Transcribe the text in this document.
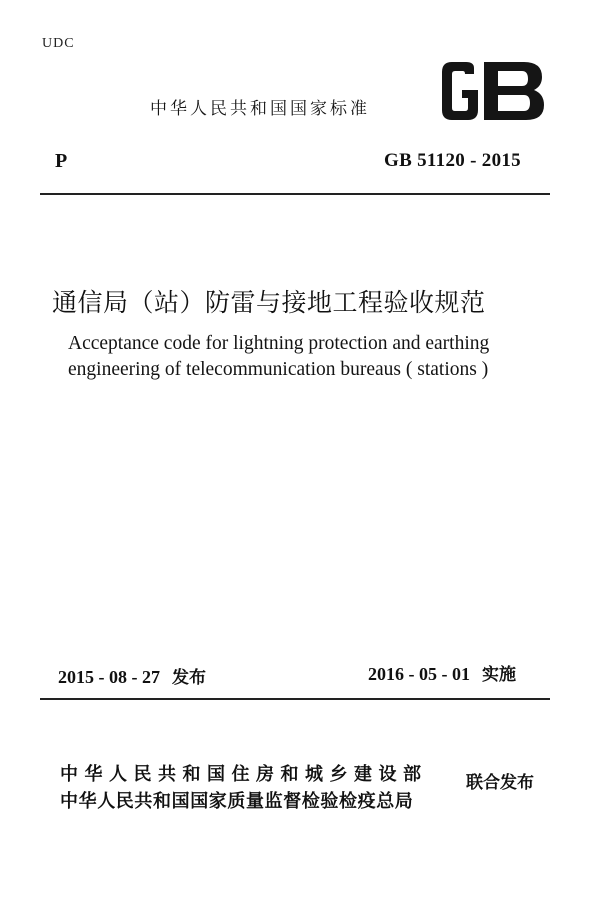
UDC
中华人民共和国国家标准
P	GB 51120 - 2015
通信局（站）防雷与接地工程验收规范
Acceptance code for lightning protection and earthing
engineering of telecommunication bureaus ( stations )
2015 - 08 - 27 发布	2016 - 05 - 01 实施
中华人民共和国住房和城乡建设部
中华人民共和国国家质量监督检验检疫总局
联合发布
